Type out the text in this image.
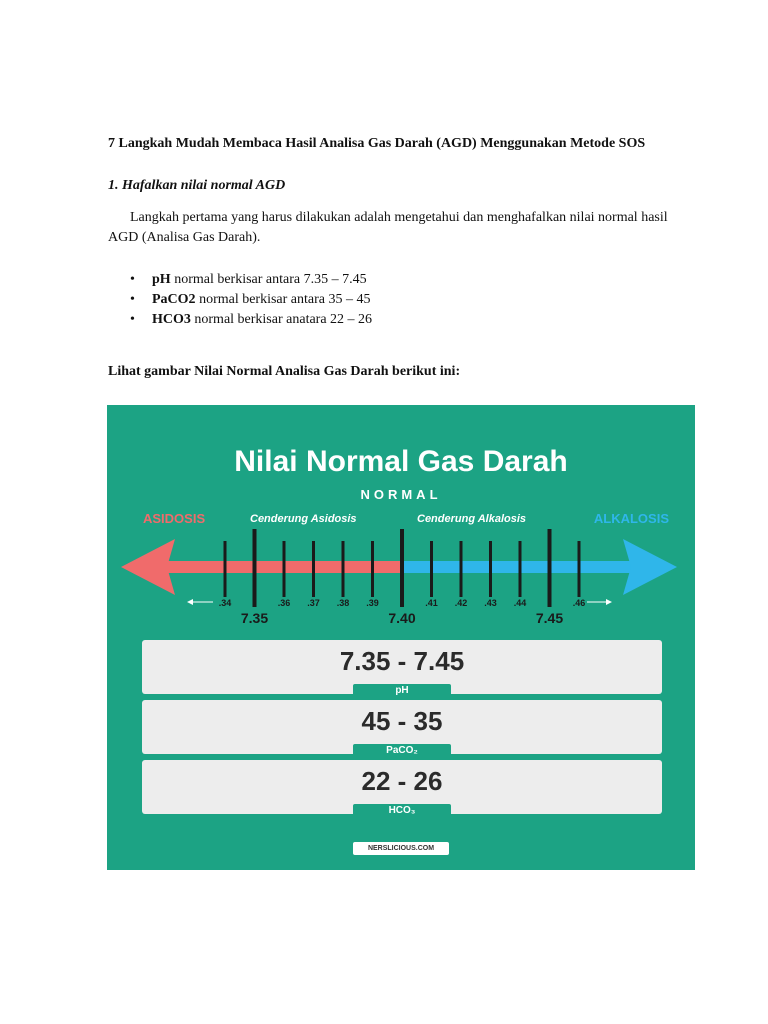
7 Langkah Mudah Membaca Hasil Analisa Gas Darah (AGD) Menggunakan Metode SOS
1. Hafalkan nilai normal AGD
Langkah pertama yang harus dilakukan adalah mengetahui dan menghafalkan nilai normal hasil AGD (Analisa Gas Darah).
• pH normal berkisar antara 7.35 – 7.45
• PaCO2 normal berkisar antara 35 – 45
• HCO3 normal berkisar anatara 22 – 26
Lihat gambar Nilai Normal Analisa Gas Darah berikut ini:
Nilai Normal Gas Darah
NORMAL
ASIDOSIS	Cenderung Asidosis	Cenderung Alkalosis	ALKALOSIS
.34
7.35
.36 .37 .38 .39
7.40
.41 .42 .43 .44
7.45
.46
7.35 - 7.45
pH
45 - 35
PaCO₂
22 - 26
HCO₃
NERSLICIOUS.COM
